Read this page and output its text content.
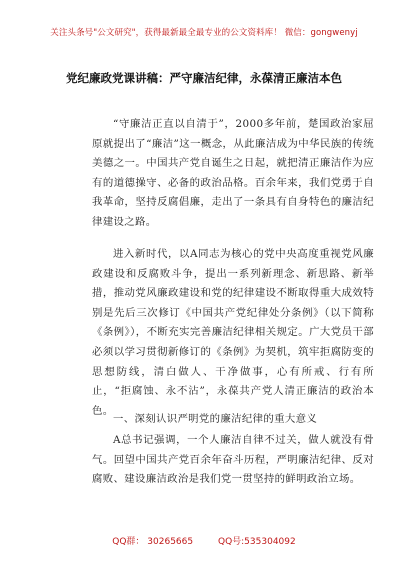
关注头条号"公文研究"，获得最新最全最专业的公文资料库！ 微信：gongwenyj
党纪廉政党课讲稿：严守廉洁纪律，永葆清正廉洁本色
“守廉洁正直以自清于”，2000多年前，楚国政治家屈原就提出了“廉洁”这一概念，从此廉洁成为中华民族的传统美德之一。中国共产党自诞生之日起，就把清正廉洁作为应有的道德操守、必备的政治品格。百余年来，我们党勇于自我革命，坚持反腐倡廉，走出了一条具有自身特色的廉洁纪律建设之路。
进入新时代，以A同志为核心的党中央高度重视党风廉政建设和反腐败斗争，提出一系列新理念、新思路、新举措，推动党风廉政建设和党的纪律建设不断取得重大成效特别是先后三次修订《中国共产党纪律处分条例》（以下简称《条例》），不断充实完善廉洁纪律相关规定。广大党员干部必须以学习贯彻新修订的《条例》为契机，筑牢拒腐防变的思想防线，清白做人、干净做事，心有所戒、行有所止，“拒腐蚀、永不沾”，永葆共产党人清正廉洁的政治本色。
一、深刻认识严明党的廉洁纪律的重大意义
A总书记强调，一个人廉洁自律不过关，做人就没有骨气。回望中国共产党百余年奋斗历程，严明廉洁纪律、反对腐败、建设廉洁政治是我们党一贯坚持的鲜明政治立场。
QQ群： 30265665	QQ号:535304092
